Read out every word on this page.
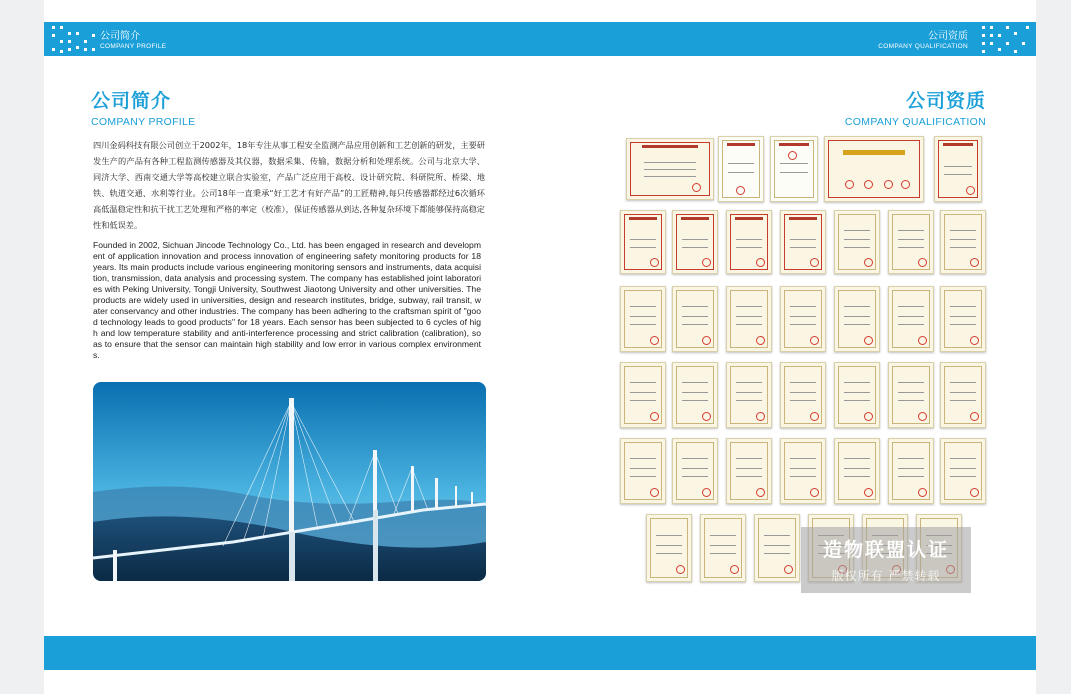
公司简介
COMPANY PROFILE
公司资质
COMPANY QUALIFICATION
公司简介
COMPANY PROFILE
四川金码科技有限公司创立于2002年，18年专注从事工程安全监测产品应用创新和工艺创新的研发，主要研发生产的产品有各种工程监测传感器及其仪器，数据采集、传输，数据分析和处理系统。公司与北京大学、同济大学、西南交通大学等高校建立联合实验室，产品广泛应用于高校、设计研究院、科研院所、桥梁、地铁、轨道交通、水利等行业。公司18年一直秉承“好工艺才有好产品”的工匠精神,每只传感器都经过6次循环高低温稳定性和抗干扰工艺处理和严格的率定（校准），保证传感器从到达,各种复杂环境下都能够保持高稳定性和低误差。
Founded in 2002, Sichuan Jincode Technology Co., Ltd. has been engaged in research and development of application innovation and process innovation of engineering safety monitoring products for 18 years. Its main products include various engineering monitoring sensors and instruments, data acquisition, transmission, data analysis and processing system. The company has established joint laboratories with Peking University, Tongji University, Southwest Jiaotong University and other universities. The products are widely used in universities, design and research institutes, bridge, subway, rail transit, water conservancy and other industries. The company has been adhering to the craftsman spirit of "good technology leads to good products" for 18 years. Each sensor has been subjected to 6 cycles of high and low temperature stability and anti-interference processing and strict calibration (calibration), so as to ensure that the sensor can maintain high stability and low error in various complex environments.
公司资质
COMPANY QUALIFICATION
造物联盟认证
版权所有 严禁转载
